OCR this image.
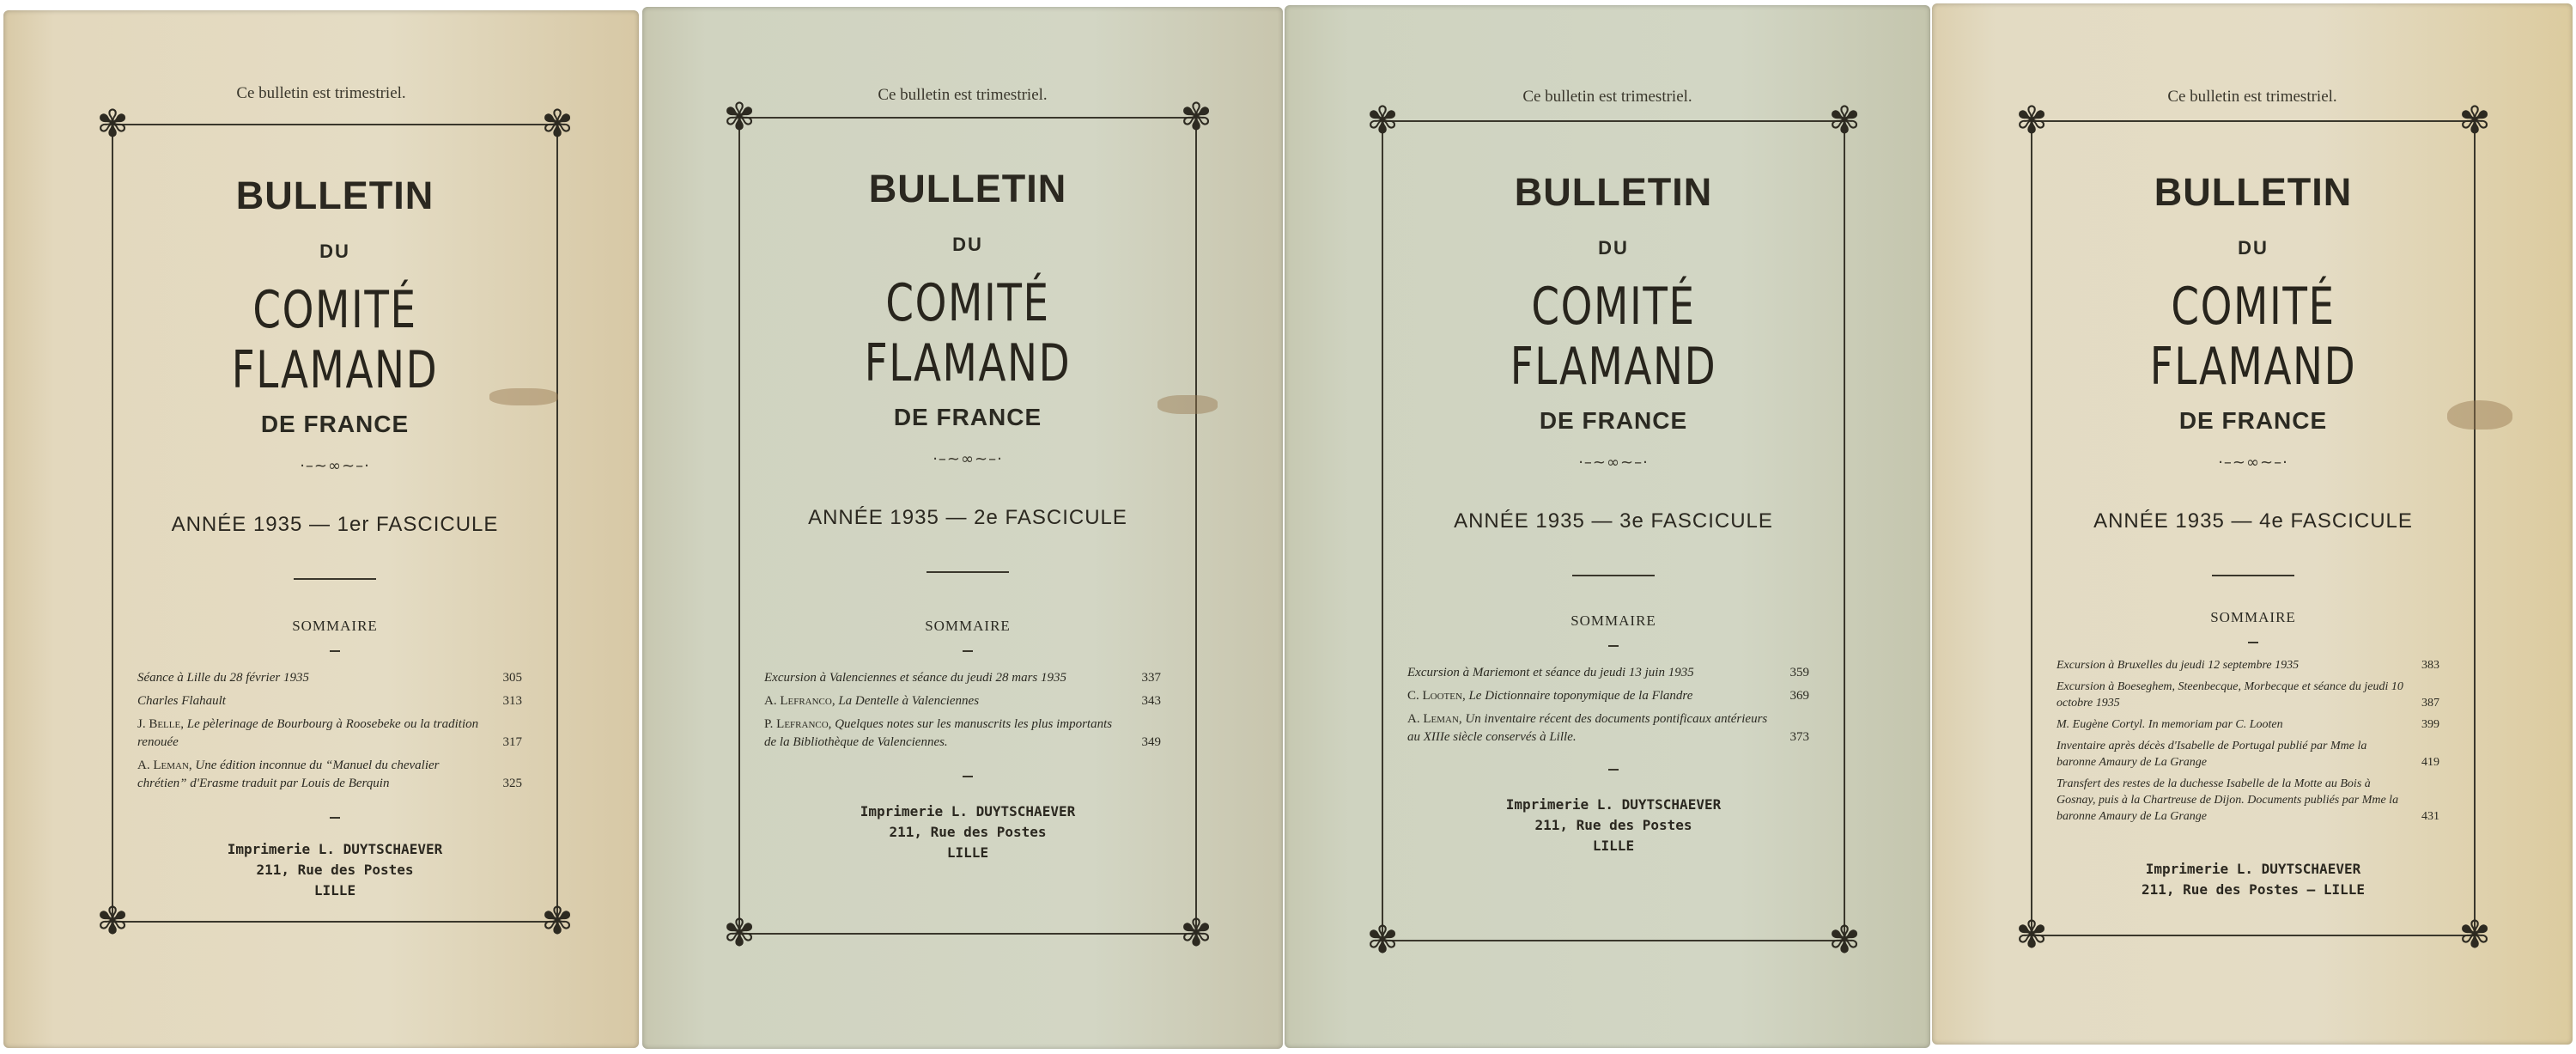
Ce bulletin est trimestriel.
✾	✾
✾	✾
BULLETIN
DU
COMITÉ FLAMAND
DE FRANCE
·–~∞~–·
ANNÉE 1935 — 1er FASCICULE
SOMMAIRE
Séance à Lille du 28 février 1935	305
Charles Flahault	313
J. Belle, Le pèlerinage de Bourbourg à Roosebeke ou la tradition renouée	317
A. Leman, Une édition inconnue du “Manuel du chevalier chrétien” d'Erasme traduit par Louis de Berquin	325
Imprimerie L. DUYTSCHAEVER
211, Rue des Postes
LILLE
Ce bulletin est trimestriel.
✾	✾
✾	✾
BULLETIN
DU
COMITÉ FLAMAND
DE FRANCE
·–~∞~–·
ANNÉE 1935 — 2e FASCICULE
SOMMAIRE
Excursion à Valenciennes et séance du jeudi 28 mars 1935	337
A. Lefranco, La Dentelle à Valenciennes	343
P. Lefranco, Quelques notes sur les manuscrits les plus importants de la Bibliothèque de Valenciennes.	349
Imprimerie L. DUYTSCHAEVER
211, Rue des Postes
LILLE
Ce bulletin est trimestriel.
✾	✾
✾	✾
BULLETIN
DU
COMITÉ FLAMAND
DE FRANCE
·–~∞~–·
ANNÉE 1935 — 3e FASCICULE
SOMMAIRE
Excursion à Mariemont et séance du jeudi 13 juin 1935	359
C. Looten, Le Dictionnaire toponymique de la Flandre	369
A. Leman, Un inventaire récent des documents pontificaux antérieurs au XIIIe siècle conservés à Lille.	373
Imprimerie L. DUYTSCHAEVER
211, Rue des Postes
LILLE
Ce bulletin est trimestriel.
✾	✾
✾	✾
BULLETIN
DU
COMITÉ FLAMAND
DE FRANCE
·–~∞~–·
ANNÉE 1935 — 4e FASCICULE
SOMMAIRE
Excursion à Bruxelles du jeudi 12 septembre 1935	383
Excursion à Boeseghem, Steenbecque, Morbecque et séance du jeudi 10 octobre 1935	387
M. Eugène Cortyl. In memoriam par C. Looten	399
Inventaire après décès d'Isabelle de Portugal publié par Mme la baronne Amaury de La Grange	419
Transfert des restes de la duchesse Isabelle de la Motte au Bois à Gosnay, puis à la Chartreuse de Dijon. Documents publiés par Mme la baronne Amaury de La Grange	431
Imprimerie L. DUYTSCHAEVER
211, Rue des Postes — LILLE
